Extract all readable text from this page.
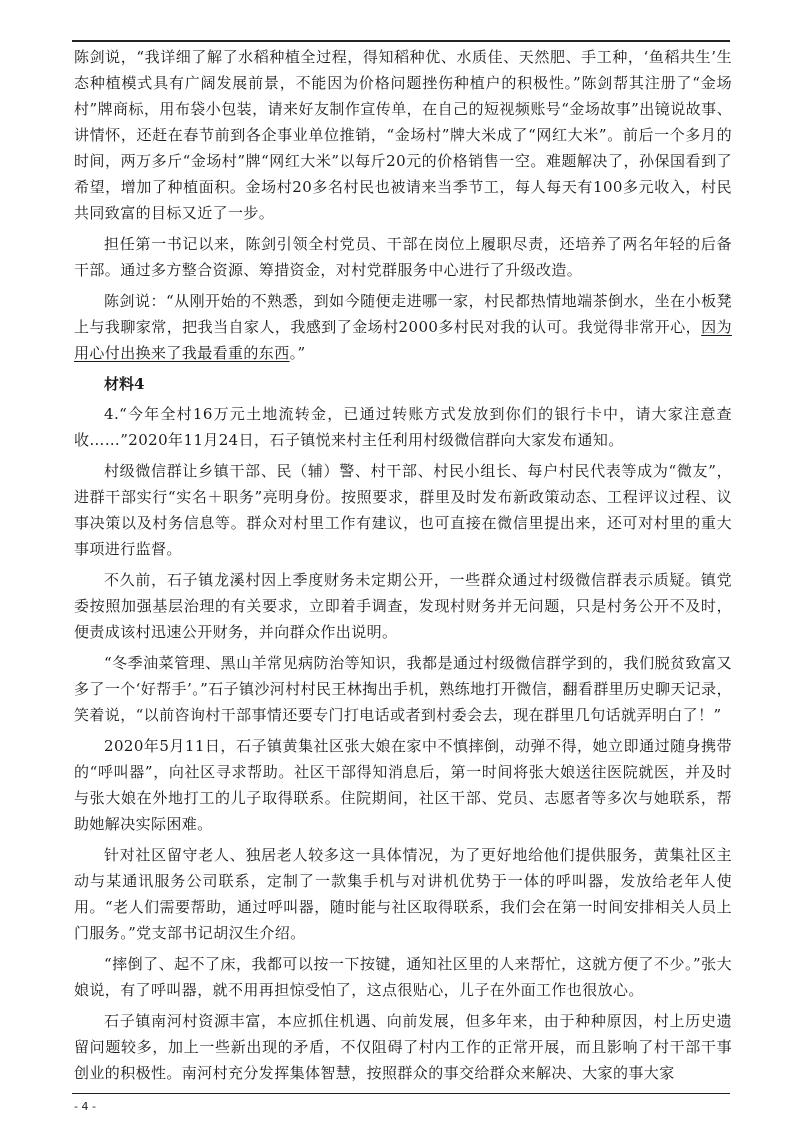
陈剑说，“我详细了解了水稻种植全过程，得知稻种优、水质佳、天然肥、手工种，‘鱼稻共生’生态种植模式具有广阔发展前景，不能因为价格问题挫伤种植户的积极性。”陈剑帮其注册了“金场村”牌商标，用布袋小包装，请来好友制作宣传单，在自己的短视频账号“金场故事”出镜说故事、讲情怀，还赶在春节前到各企事业单位推销，“金场村”牌大米成了“网红大米”。前后一个多月的时间，两万多斤“金场村”牌“网红大米”以每斤20元的价格销售一空。难题解决了，孙保国看到了希望，增加了种植面积。金场村20多名村民也被请来当季节工，每人每天有100多元收入，村民共同致富的目标又近了一步。

担任第一书记以来，陈剑引领全村党员、干部在岗位上履职尽责，还培养了两名年轻的后备干部。通过多方整合资源、筹措资金，对村党群服务中心进行了升级改造。

陈剑说：“从刚开始的不熟悉，到如今随便走进哪一家，村民都热情地端茶倒水，坐在小板凳上与我聊家常，把我当自家人，我感到了金场村2000多村民对我的认可。我觉得非常开心，因为用心付出换来了我最看重的东西。”

材料4

4.“今年全村16万元土地流转金，已通过转账方式发放到你们的银行卡中，请大家注意查收……”2020年11月24日，石子镇悦来村主任利用村级微信群向大家发布通知。

村级微信群让乡镇干部、民（辅）警、村干部、村民小组长、每户村民代表等成为“微友”，进群干部实行“实名＋职务”亮明身份。按照要求，群里及时发布新政策动态、工程评议过程、议事决策以及村务信息等。群众对村里工作有建议，也可直接在微信里提出来，还可对村里的重大事项进行监督。

不久前，石子镇龙溪村因上季度财务未定期公开，一些群众通过村级微信群表示质疑。镇党委按照加强基层治理的有关要求，立即着手调查，发现村财务并无问题，只是村务公开不及时，便责成该村迅速公开财务，并向群众作出说明。

“冬季油菜管理、黑山羊常见病防治等知识，我都是通过村级微信群学到的，我们脱贫致富又多了一个‘好帮手’。”石子镇沙河村村民王林掏出手机，熟练地打开微信，翻看群里历史聊天记录，笑着说，“以前咨询村干部事情还要专门打电话或者到村委会去，现在群里几句话就弄明白了！”

2020年5月11日，石子镇黄集社区张大娘在家中不慎摔倒，动弹不得，她立即通过随身携带的“呼叫器”，向社区寻求帮助。社区干部得知消息后，第一时间将张大娘送往医院就医，并及时与张大娘在外地打工的儿子取得联系。住院期间，社区干部、党员、志愿者等多次与她联系，帮助她解决实际困难。

针对社区留守老人、独居老人较多这一具体情况，为了更好地给他们提供服务，黄集社区主动与某通讯服务公司联系，定制了一款集手机与对讲机优势于一体的呼叫器，发放给老年人使用。“老人们需要帮助，通过呼叫器，随时能与社区取得联系，我们会在第一时间安排相关人员上门服务。”党支部书记胡汉生介绍。

“摔倒了、起不了床，我都可以按一下按键，通知社区里的人来帮忙，这就方便了不少。”张大娘说，有了呼叫器，就不用再担惊受怕了，这点很贴心，儿子在外面工作也很放心。

石子镇南河村资源丰富，本应抓住机遇、向前发展，但多年来，由于种种原因，村上历史遗留问题较多，加上一些新出现的矛盾，不仅阻碍了村内工作的正常开展，而且影响了村干部干事创业的积极性。南河村充分发挥集体智慧，按照群众的事交给群众来解决、大家的事大家

- 4 -
